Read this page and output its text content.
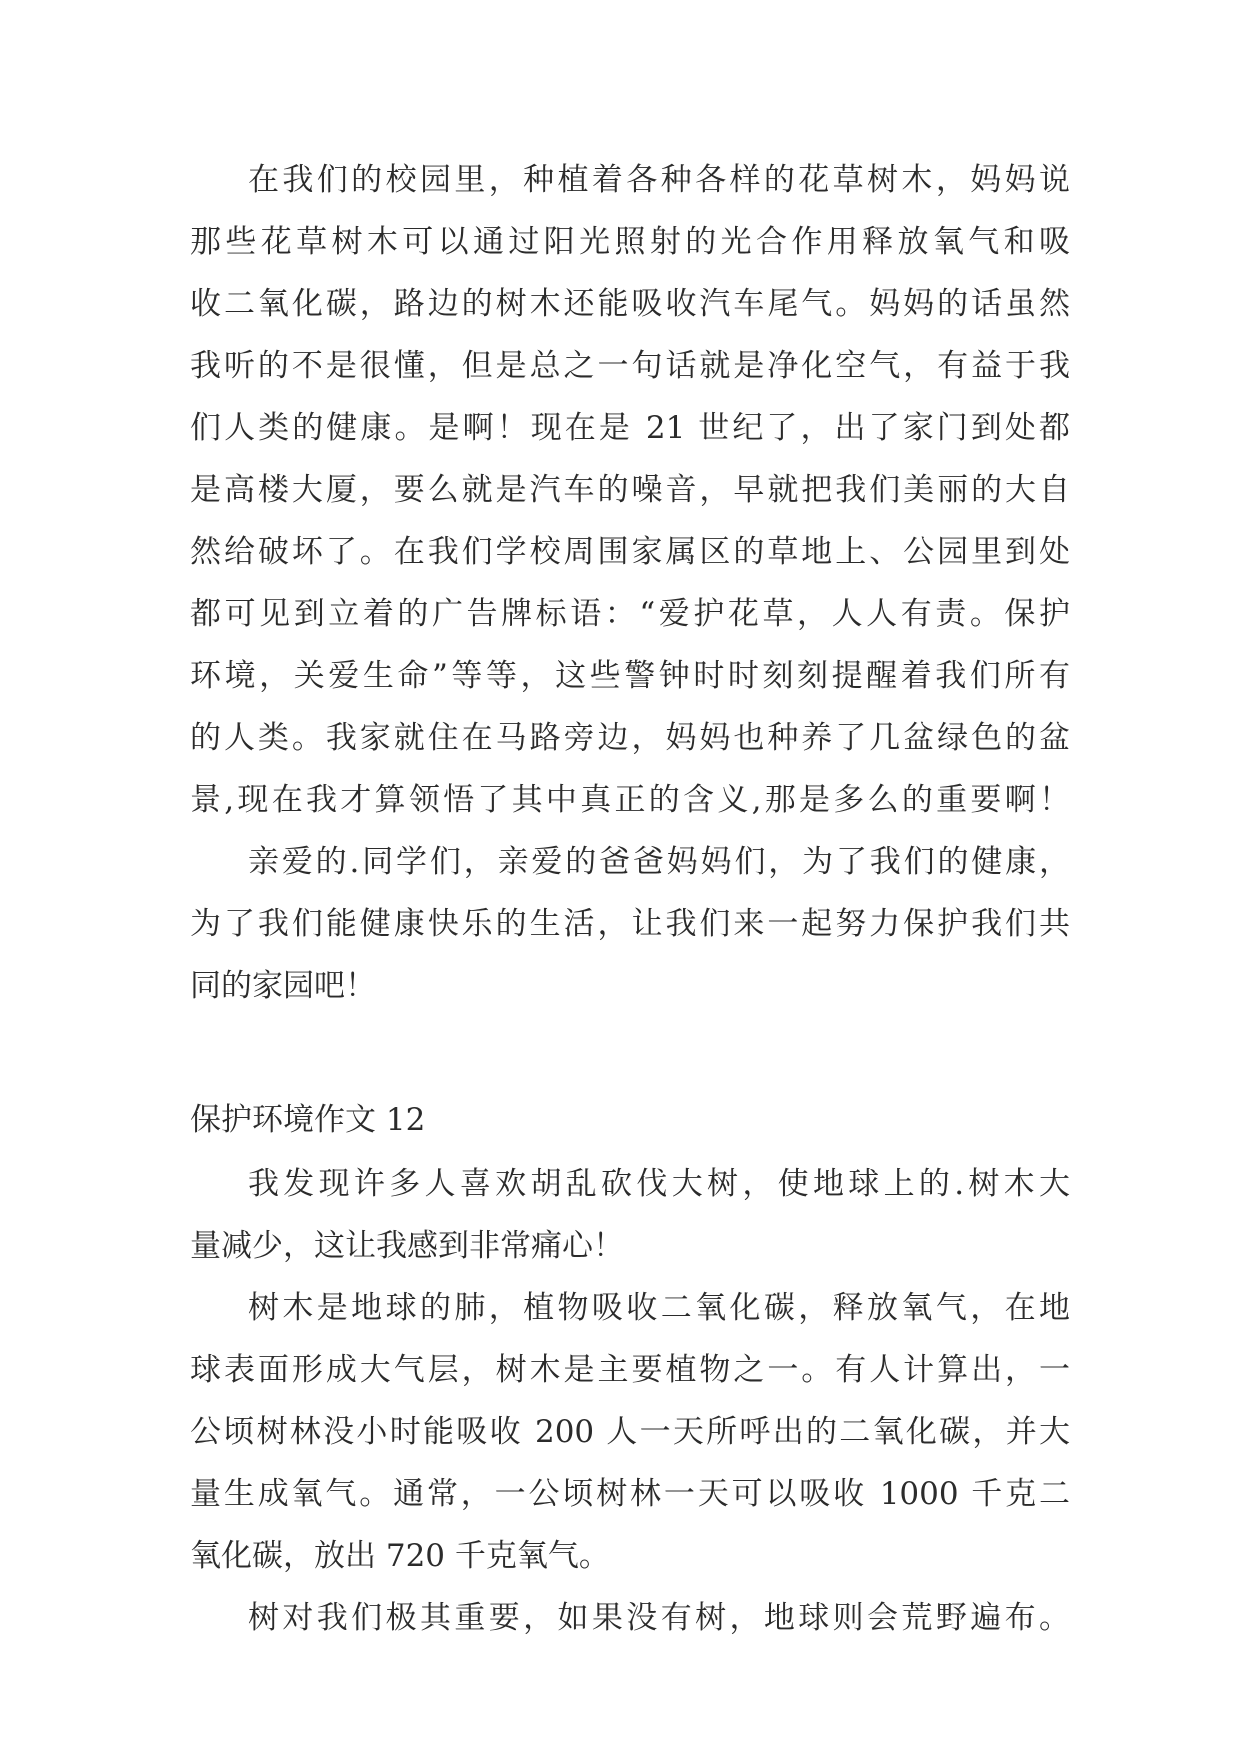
在我们的校园里，种植着各种各样的花草树木，妈妈说

那些花草树木可以通过阳光照射的光合作用释放氧气和吸

收二氧化碳，路边的树木还能吸收汽车尾气。妈妈的话虽然

我听的不是很懂，但是总之一句话就是净化空气，有益于我

们人类的健康。是啊！现在是 21 世纪了，出了家门到处都

是高楼大厦，要么就是汽车的噪音，早就把我们美丽的大自

然给破坏了。在我们学校周围家属区的草地上、公园里到处

都可见到立着的广告牌标语：“爱护花草，人人有责。保护

环境，关爱生命”等等，这些警钟时时刻刻提醒着我们所有

的人类。我家就住在马路旁边，妈妈也种养了几盆绿色的盆

景,现在我才算领悟了其中真正的含义,那是多么的重要啊！

亲爱的.同学们，亲爱的爸爸妈妈们，为了我们的健康，

为了我们能健康快乐的生活，让我们来一起努力保护我们共

同的家园吧！

保护环境作文 12

我发现许多人喜欢胡乱砍伐大树，使地球上的.树木大

量减少，这让我感到非常痛心！

树木是地球的肺，植物吸收二氧化碳，释放氧气，在地

球表面形成大气层，树木是主要植物之一。有人计算出，一

公顷树林没小时能吸收 200 人一天所呼出的二氧化碳，并大

量生成氧气。通常，一公顷树林一天可以吸收 1000 千克二

氧化碳，放出 720 千克氧气。

树对我们极其重要，如果没有树，地球则会荒野遍布。
